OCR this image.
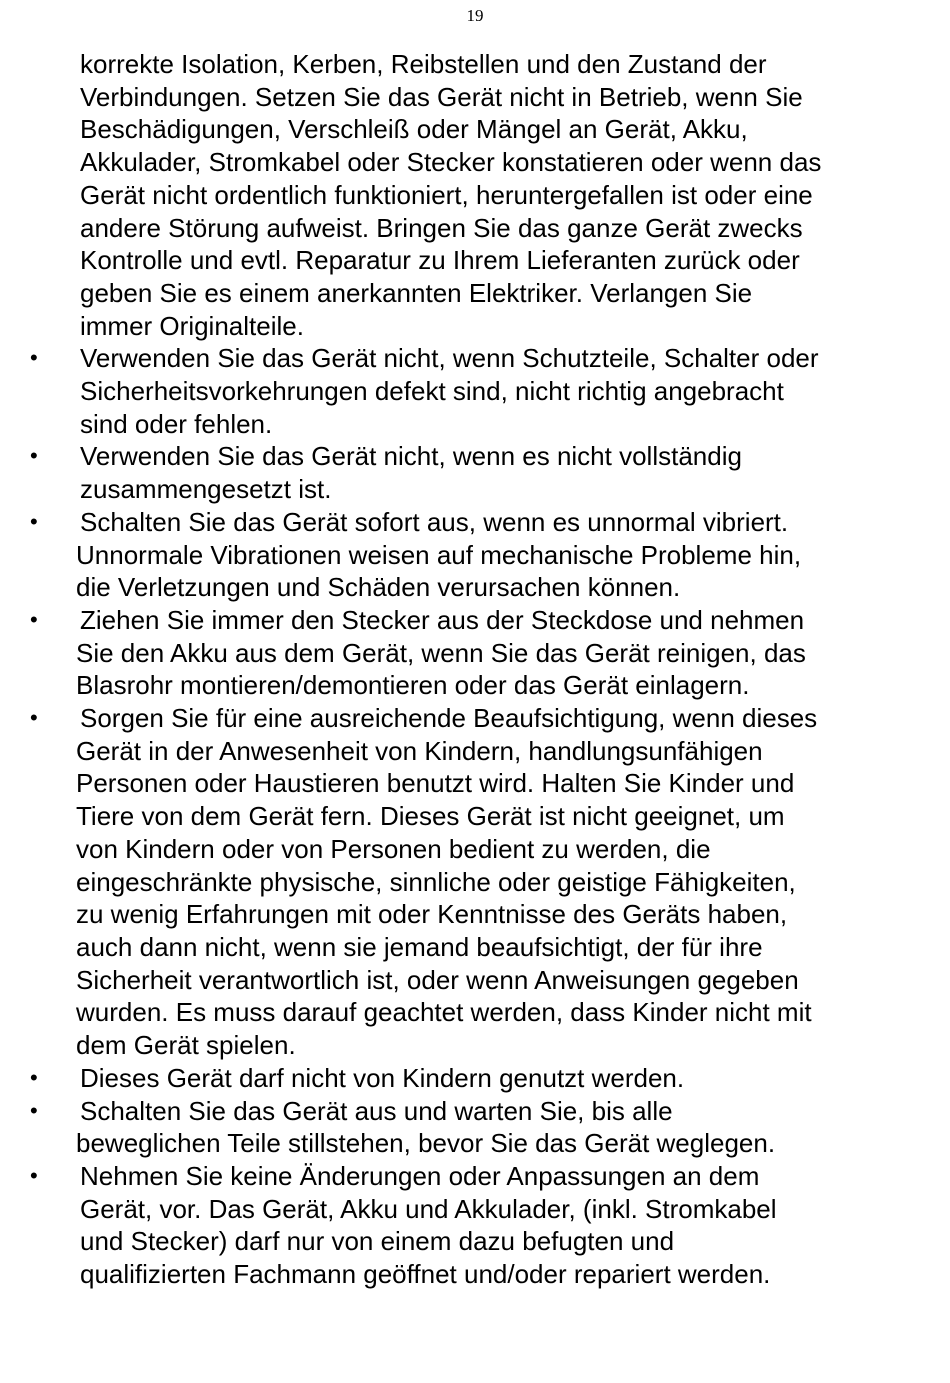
19
korrekte Isolation, Kerben, Reibstellen und den Zustand der
Verbindungen. Setzen Sie das Gerät nicht in Betrieb, wenn Sie
Beschädigungen, Verschleiß oder Mängel an Gerät, Akku,
Akkulader, Stromkabel oder Stecker konstatieren oder wenn das
Gerät nicht ordentlich funktioniert, heruntergefallen ist oder eine
andere Störung aufweist. Bringen Sie das ganze Gerät zwecks
Kontrolle und evtl. Reparatur zu Ihrem Lieferanten zurück oder
geben Sie es einem anerkannten Elektriker. Verlangen Sie
immer Originalteile.
• Verwenden Sie das Gerät nicht, wenn Schutzteile, Schalter oder
Sicherheitsvorkehrungen defekt sind, nicht richtig angebracht
sind oder fehlen.
• Verwenden Sie das Gerät nicht, wenn es nicht vollständig
zusammengesetzt ist.
• Schalten Sie das Gerät sofort aus, wenn es unnormal vibriert.
Unnormale Vibrationen weisen auf mechanische Probleme hin,
die Verletzungen und Schäden verursachen können.
• Ziehen Sie immer den Stecker aus der Steckdose und nehmen
Sie den Akku aus dem Gerät, wenn Sie das Gerät reinigen, das
Blasrohr montieren/demontieren oder das Gerät einlagern.
• Sorgen Sie für eine ausreichende Beaufsichtigung, wenn dieses
Gerät in der Anwesenheit von Kindern, handlungsunfähigen
Personen oder Haustieren benutzt wird. Halten Sie Kinder und
Tiere von dem Gerät fern. Dieses Gerät ist nicht geeignet, um
von Kindern oder von Personen bedient zu werden, die
eingeschränkte physische, sinnliche oder geistige Fähigkeiten,
zu wenig Erfahrungen mit oder Kenntnisse des Geräts haben,
auch dann nicht, wenn sie jemand beaufsichtigt, der für ihre
Sicherheit verantwortlich ist, oder wenn Anweisungen gegeben
wurden. Es muss darauf geachtet werden, dass Kinder nicht mit
dem Gerät spielen.
• Dieses Gerät darf nicht von Kindern genutzt werden.
• Schalten Sie das Gerät aus und warten Sie, bis alle
beweglichen Teile stillstehen, bevor Sie das Gerät weglegen.
• Nehmen Sie keine Änderungen oder Anpassungen an dem
Gerät, vor. Das Gerät, Akku und Akkulader, (inkl. Stromkabel
und Stecker) darf nur von einem dazu befugten und
qualifizierten Fachmann geöffnet und/oder repariert werden.
